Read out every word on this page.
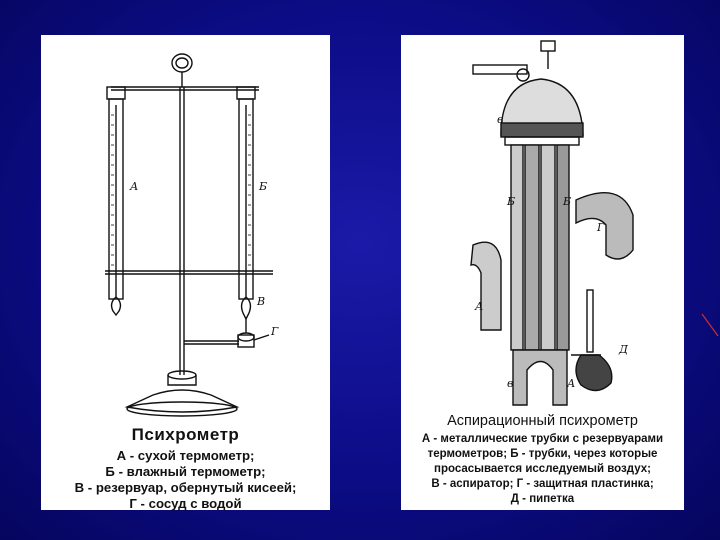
А	Б
В
Г
Психрометр
А - сухой термометр;
Б - влажный термометр;
В - резервуар, обернутый кисеей;
Г - сосуд с водой
в
Б	Б
Г
А
Д
в	А
Аспирационный психрометр
А - металлические трубки с резервуарами
термометров; Б - трубки, через которые
просасывается исследуемый воздух;
В - аспиратор; Г - защитная пластинка;
Д - пипетка
